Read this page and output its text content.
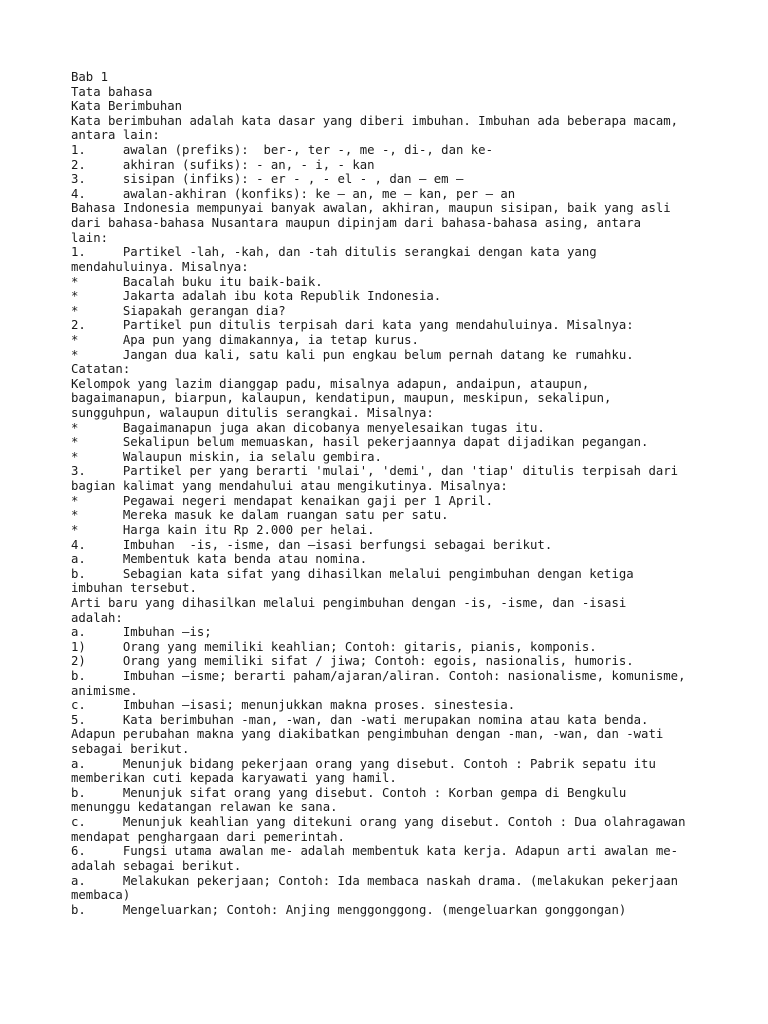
Bab 1
Tata bahasa
Kata Berimbuhan
Kata berimbuhan adalah kata dasar yang diberi imbuhan. Imbuhan ada beberapa macam,
antara lain:
1.     awalan (prefiks):  ber-, ter -, me -, di-, dan ke-
2.     akhiran (sufiks): - an, - i, - kan
3.     sisipan (infiks): - er - , - el - , dan – em –
4.     awalan-akhiran (konfiks): ke – an, me – kan, per – an
Bahasa Indonesia mempunyai banyak awalan, akhiran, maupun sisipan, baik yang asli
dari bahasa-bahasa Nusantara maupun dipinjam dari bahasa-bahasa asing, antara
lain:
1.     Partikel -lah, -kah, dan -tah ditulis serangkai dengan kata yang
mendahuluinya. Misalnya:
*      Bacalah buku itu baik-baik.
*      Jakarta adalah ibu kota Republik Indonesia.
*      Siapakah gerangan dia?
2.     Partikel pun ditulis terpisah dari kata yang mendahuluinya. Misalnya:
*      Apa pun yang dimakannya, ia tetap kurus.
*      Jangan dua kali, satu kali pun engkau belum pernah datang ke rumahku.
Catatan:
Kelompok yang lazim dianggap padu, misalnya adapun, andaipun, ataupun,
bagaimanapun, biarpun, kalaupun, kendatipun, maupun, meskipun, sekalipun,
sungguhpun, walaupun ditulis serangkai. Misalnya:
*      Bagaimanapun juga akan dicobanya menyelesaikan tugas itu.
*      Sekalipun belum memuaskan, hasil pekerjaannya dapat dijadikan pegangan.
*      Walaupun miskin, ia selalu gembira.
3.     Partikel per yang berarti 'mulai', 'demi', dan 'tiap' ditulis terpisah dari
bagian kalimat yang mendahului atau mengikutinya. Misalnya:
*      Pegawai negeri mendapat kenaikan gaji per 1 April.
*      Mereka masuk ke dalam ruangan satu per satu.
*      Harga kain itu Rp 2.000 per helai.
4.     Imbuhan  -is, -isme, dan –isasi berfungsi sebagai berikut.
a.     Membentuk kata benda atau nomina.
b.     Sebagian kata sifat yang dihasilkan melalui pengimbuhan dengan ketiga
imbuhan tersebut.
Arti baru yang dihasilkan melalui pengimbuhan dengan -is, -isme, dan -isasi
adalah:
a.     Imbuhan –is;
1)     Orang yang memiliki keahlian; Contoh: gitaris, pianis, komponis.
2)     Orang yang memiliki sifat / jiwa; Contoh: egois, nasionalis, humoris.
b.     Imbuhan –isme; berarti paham/ajaran/aliran. Contoh: nasionalisme, komunisme,
animisme.
c.     Imbuhan –isasi; menunjukkan makna proses. sinestesia.
5.     Kata berimbuhan -man, -wan, dan -wati merupakan nomina atau kata benda.
Adapun perubahan makna yang diakibatkan pengimbuhan dengan -man, -wan, dan -wati
sebagai berikut.
a.     Menunjuk bidang pekerjaan orang yang disebut. Contoh : Pabrik sepatu itu
memberikan cuti kepada karyawati yang hamil.
b.     Menunjuk sifat orang yang disebut. Contoh : Korban gempa di Bengkulu
menunggu kedatangan relawan ke sana.
c.     Menunjuk keahlian yang ditekuni orang yang disebut. Contoh : Dua olahragawan
mendapat penghargaan dari pemerintah.
6.     Fungsi utama awalan me- adalah membentuk kata kerja. Adapun arti awalan me-
adalah sebagai berikut.
a.     Melakukan pekerjaan; Contoh: Ida membaca naskah drama. (melakukan pekerjaan
membaca)
b.     Mengeluarkan; Contoh: Anjing menggonggong. (mengeluarkan gonggongan)
